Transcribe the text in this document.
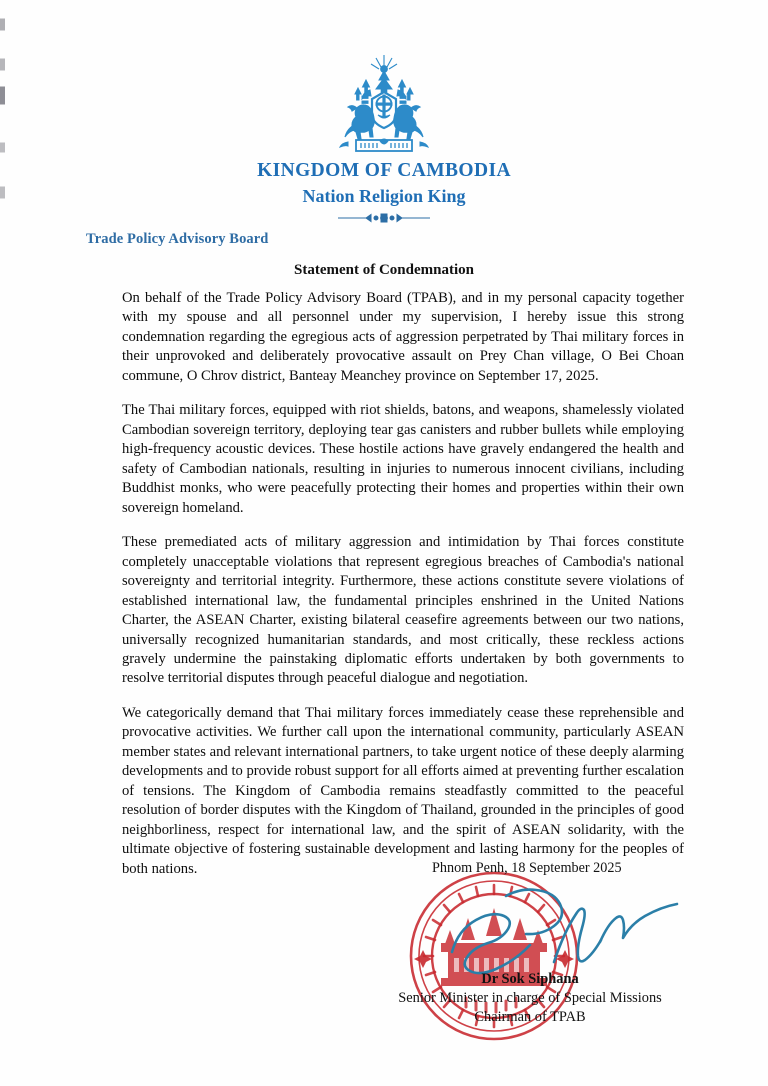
KINGDOM OF CAMBODIA
Nation Religion King
Trade Policy Advisory Board
Statement of Condemnation

On behalf of the Trade Policy Advisory Board (TPAB), and in my personal capacity together with my spouse and all personnel under my supervision, I hereby issue this strong condemnation regarding the egregious acts of aggression perpetrated by Thai military forces in their unprovoked and deliberately provocative assault on Prey Chan village, O Bei Choan commune, O Chrov district, Banteay Meanchey province on September 17, 2025.

The Thai military forces, equipped with riot shields, batons, and weapons, shamelessly violated Cambodian sovereign territory, deploying tear gas canisters and rubber bullets while employing high-frequency acoustic devices. These hostile actions have gravely endangered the health and safety of Cambodian nationals, resulting in injuries to numerous innocent civilians, including Buddhist monks, who were peacefully protecting their homes and properties within their own sovereign homeland.

These premediated acts of military aggression and intimidation by Thai forces constitute completely unacceptable violations that represent egregious breaches of Cambodia's national sovereignty and territorial integrity. Furthermore, these actions constitute severe violations of established international law, the fundamental principles enshrined in the United Nations Charter, the ASEAN Charter, existing bilateral ceasefire agreements between our two nations, universally recognized humanitarian standards, and most critically, these reckless actions gravely undermine the painstaking diplomatic efforts undertaken by both governments to resolve territorial disputes through peaceful dialogue and negotiation.

We categorically demand that Thai military forces immediately cease these reprehensible and provocative activities. We further call upon the international community, particularly ASEAN member states and relevant international partners, to take urgent notice of these deeply alarming developments and to provide robust support for all efforts aimed at preventing further escalation of tensions. The Kingdom of Cambodia remains steadfastly committed to the peaceful resolution of border disputes with the Kingdom of Thailand, grounded in the principles of good neighborliness, respect for international law, and the spirit of ASEAN solidarity, with the ultimate objective of fostering sustainable development and lasting harmony for the peoples of both nations.	Phnom Penh, 18 September 2025
Dr Sok Siphana
Senior Minister in charge of Special Missions
Chairman of TPAB
